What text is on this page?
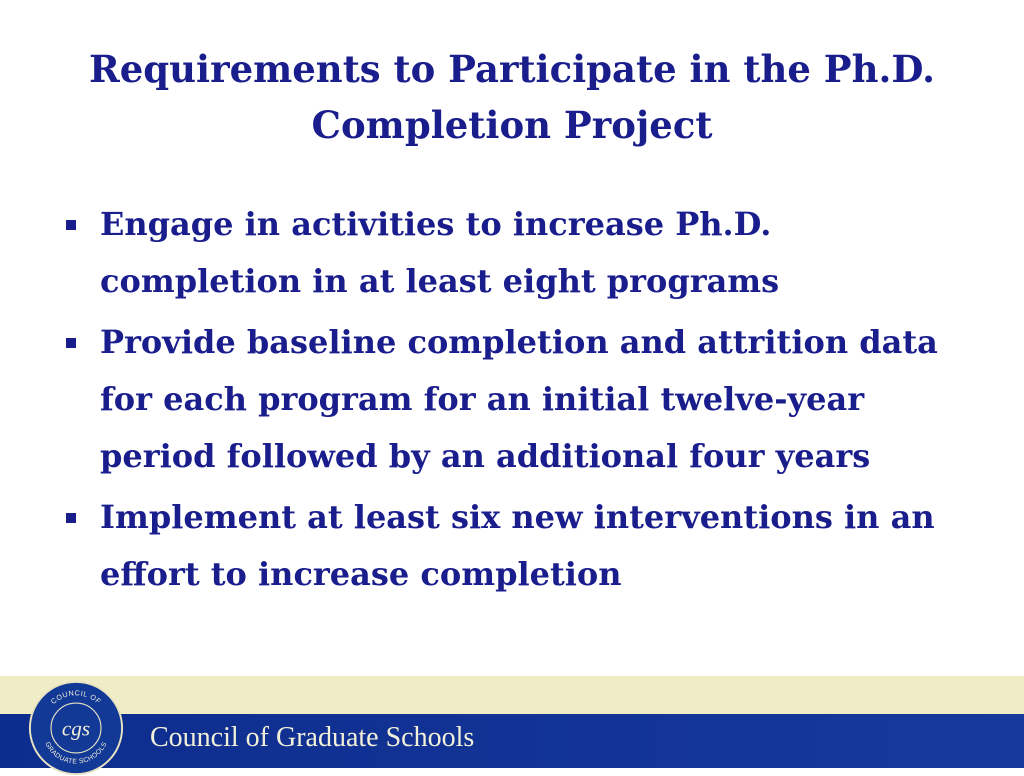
Requirements to Participate in the Ph.D. Completion Project
Engage in activities to increase Ph.D. completion in at least eight programs
Provide baseline completion and attrition data for each program for an initial twelve-year period followed by an additional four years
Implement at least six new interventions in an effort to increase completion
Council of Graduate Schools
cgs
COUNCIL OF
GRADUATE SCHOOLS
